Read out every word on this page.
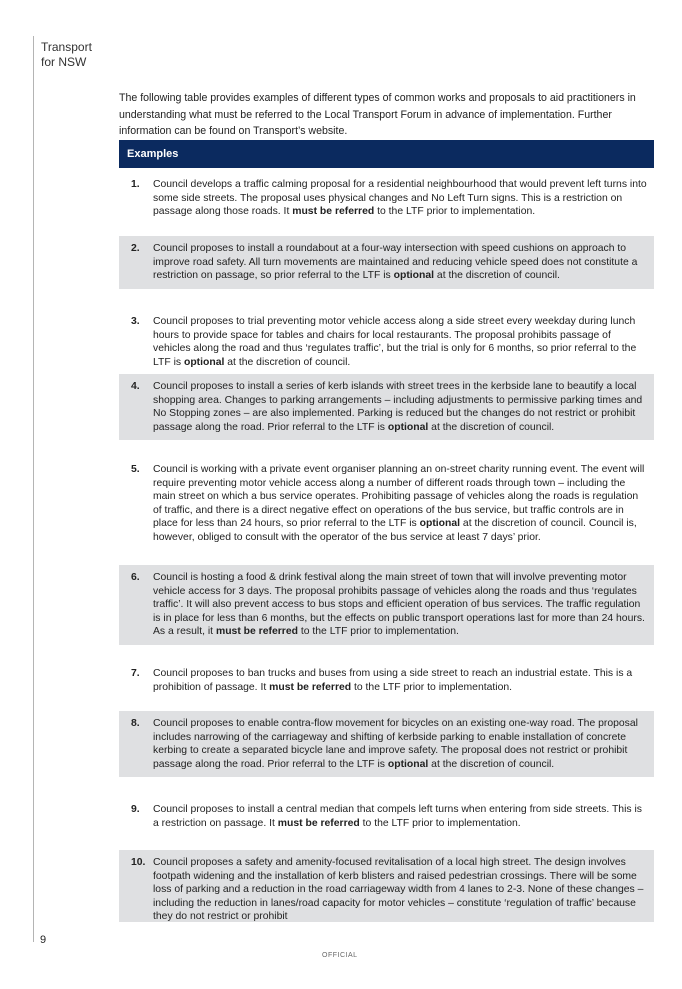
Transport
for NSW

The following table provides examples of different types of common works and proposals to aid practitioners in understanding what must be referred to the Local Transport Forum in advance of implementation. Further information can be found on Transport’s website.

Examples
1. Council develops a traffic calming proposal for a residential neighbourhood that would prevent left turns into some side streets. The proposal uses physical changes and No Left Turn signs. This is a restriction on passage along those roads. It must be referred to the LTF prior to implementation.
2. Council proposes to install a roundabout at a four-way intersection with speed cushions on approach to improve road safety. All turn movements are maintained and reducing vehicle speed does not constitute a restriction on passage, so prior referral to the LTF is optional at the discretion of council.
3. Council proposes to trial preventing motor vehicle access along a side street every weekday during lunch hours to provide space for tables and chairs for local restaurants. The proposal prohibits passage of vehicles along the road and thus ‘regulates traffic’, but the trial is only for 6 months, so prior referral to the LTF is optional at the discretion of council.
4. Council proposes to install a series of kerb islands with street trees in the kerbside lane to beautify a local shopping area. Changes to parking arrangements – including adjustments to permissive parking times and No Stopping zones – are also implemented. Parking is reduced but the changes do not restrict or prohibit passage along the road. Prior referral to the LTF is optional at the discretion of council.
5. Council is working with a private event organiser planning an on-street charity running event. The event will require preventing motor vehicle access along a number of different roads through town – including the main street on which a bus service operates. Prohibiting passage of vehicles along the roads is regulation of traffic, and there is a direct negative effect on operations of the bus service, but traffic controls are in place for less than 24 hours, so prior referral to the LTF is optional at the discretion of council. Council is, however, obliged to consult with the operator of the bus service at least 7 days’ prior.
6. Council is hosting a food & drink festival along the main street of town that will involve preventing motor vehicle access for 3 days. The proposal prohibits passage of vehicles along the roads and thus ‘regulates traffic’. It will also prevent access to bus stops and efficient operation of bus services. The traffic regulation is in place for less than 6 months, but the effects on public transport operations last for more than 24 hours. As a result, it must be referred to the LTF prior to implementation.
7. Council proposes to ban trucks and buses from using a side street to reach an industrial estate. This is a prohibition of passage. It must be referred to the LTF prior to implementation.
8. Council proposes to enable contra-flow movement for bicycles on an existing one-way road. The proposal includes narrowing of the carriageway and shifting of kerbside parking to enable installation of concrete kerbing to create a separated bicycle lane and improve safety. The proposal does not restrict or prohibit passage along the road. Prior referral to the LTF is optional at the discretion of council.
9. Council proposes to install a central median that compels left turns when entering from side streets. This is a restriction on passage. It must be referred to the LTF prior to implementation.
10. Council proposes a safety and amenity-focused revitalisation of a local high street. The design involves footpath widening and the installation of kerb blisters and raised pedestrian crossings. There will be some loss of parking and a reduction in the road carriageway width from 4 lanes to 2-3. None of these changes – including the reduction in lanes/road capacity for motor vehicles – constitute ‘regulation of traffic’ because they do not restrict or prohibit
9
OFFICIAL
